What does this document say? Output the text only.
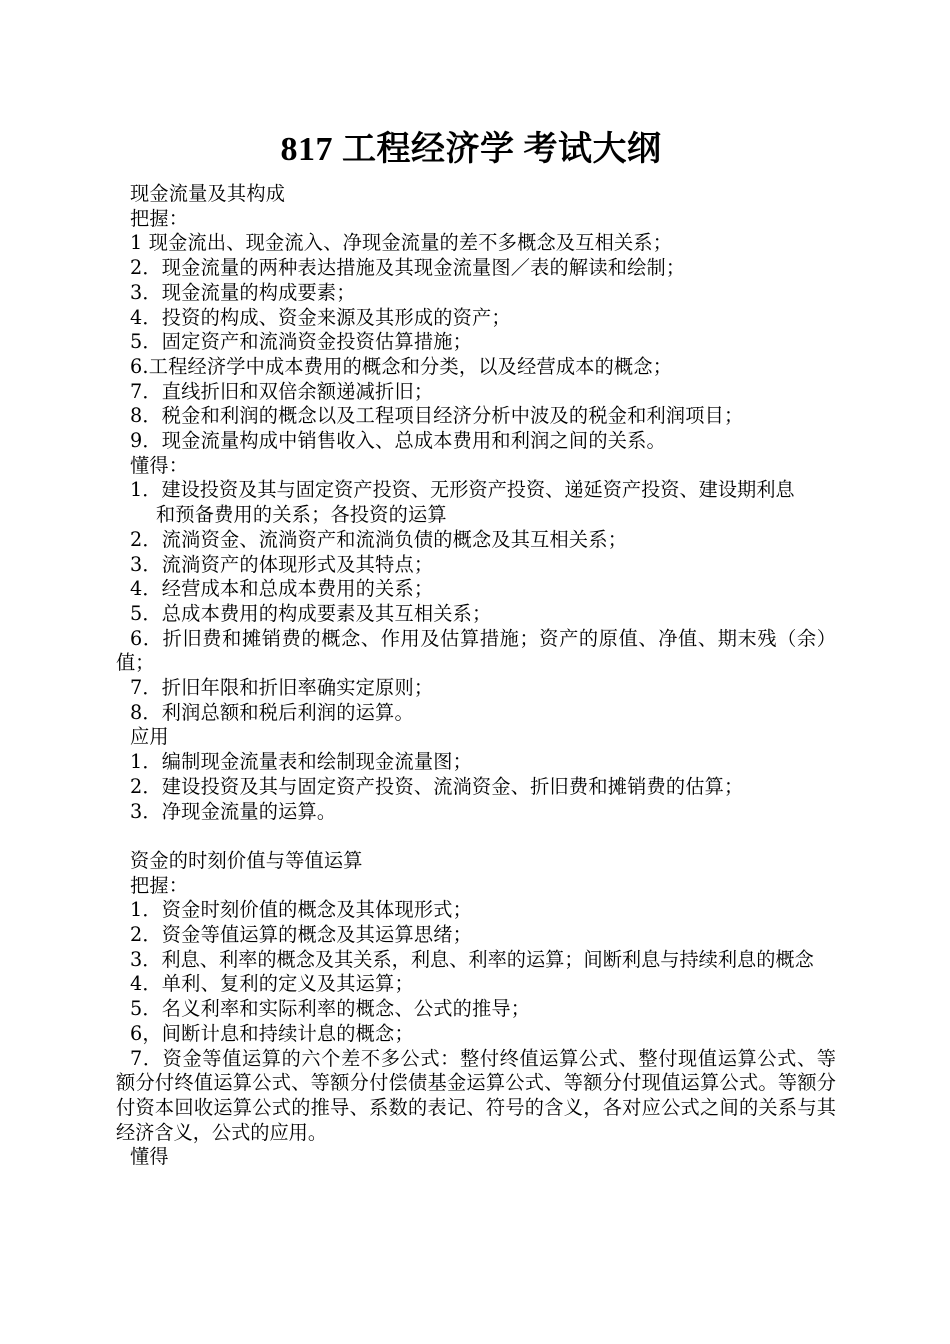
817 工程经济学 考试大纲
现金流量及其构成
把握：
1 现金流出、现金流入、净现金流量的差不多概念及互相关系；
2．现金流量的两种表达措施及其现金流量图／表的解读和绘制；
3．现金流量的构成要素；
4．投资的构成、资金来源及其形成的资产；
5．固定资产和流淌资金投资估算措施；
6.工程经济学中成本费用的概念和分类，以及经营成本的概念；
7．直线折旧和双倍余额递减折旧；
8．税金和利润的概念以及工程项目经济分析中波及的税金和利润项目；
9．现金流量构成中销售收入、总成本费用和利润之间的关系。
懂得：
1．建设投资及其与固定资产投资、无形资产投资、递延资产投资、建设期利息
和预备费用的关系；各投资的运算
2．流淌资金、流淌资产和流淌负债的概念及其互相关系；
3．流淌资产的体现形式及其特点；
4．经营成本和总成本费用的关系；
5．总成本费用的构成要素及其互相关系；
6．折旧费和摊销费的概念、作用及估算措施；资产的原值、净值、期末残（余）值；
7．折旧年限和折旧率确实定原则；
8．利润总额和税后利润的运算。
应用
1．编制现金流量表和绘制现金流量图；
2．建设投资及其与固定资产投资、流淌资金、折旧费和摊销费的估算；
3．净现金流量的运算。
资金的时刻价值与等值运算
把握：
1．资金时刻价值的概念及其体现形式；
2．资金等值运算的概念及其运算思绪；
3．利息、利率的概念及其关系，利息、利率的运算；间断利息与持续利息的概念
4．单利、复利的定义及其运算；
5．名义利率和实际利率的概念、公式的推导；
6，间断计息和持续计息的概念；
7．资金等值运算的六个差不多公式：整付终值运算公式、整付现值运算公式、等　额分付终值运算公式、等额分付偿债基金运算公式、等额分付现值运算公式。等额分付资本回收运算公式的推导、系数的表记、符号的含义，各对应公式之间的关系与其经济含义，公式的应用。
懂得
